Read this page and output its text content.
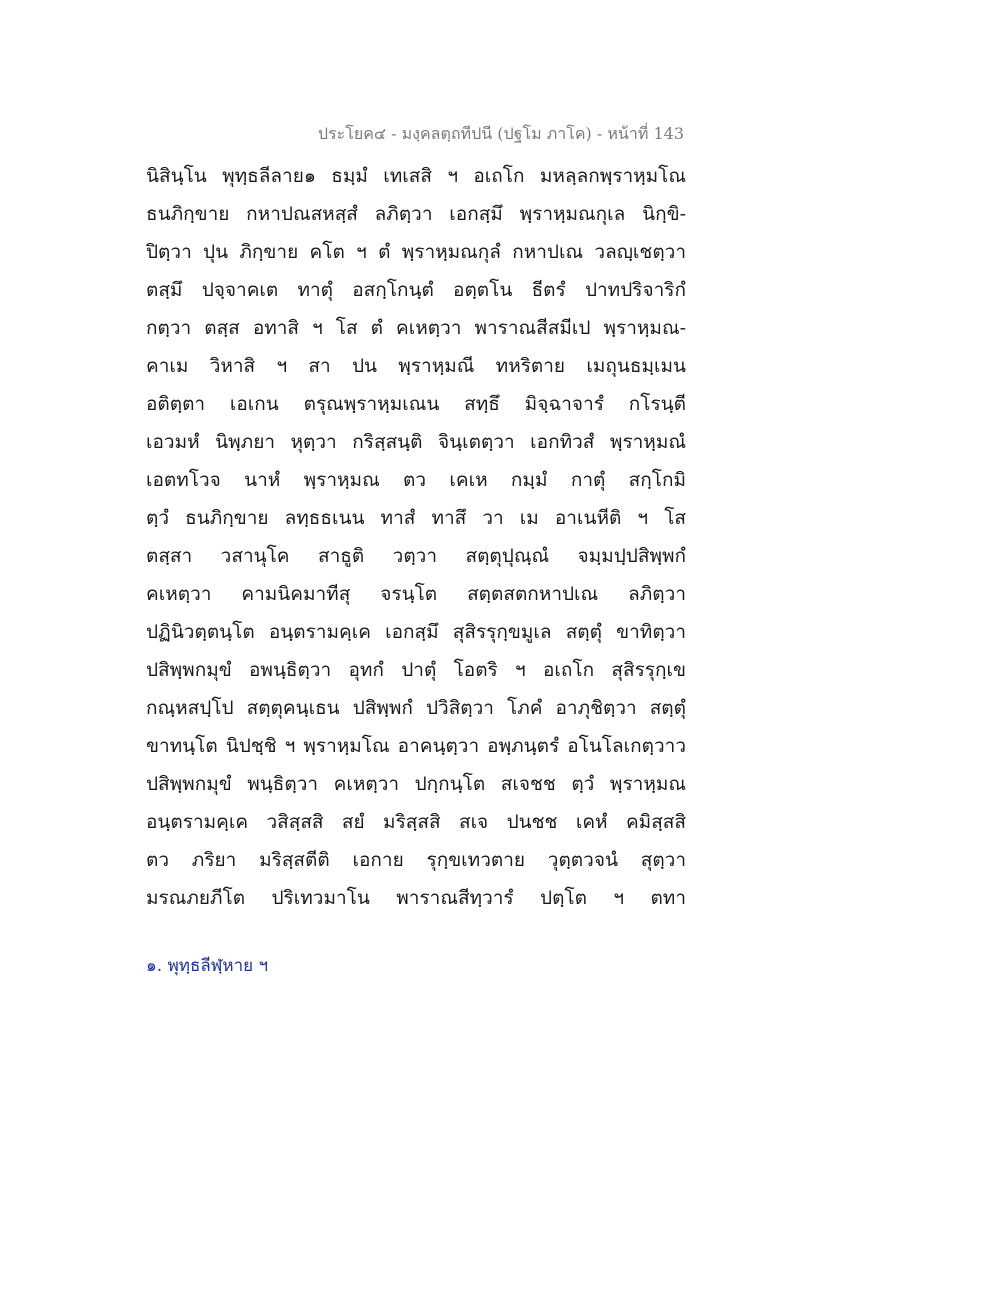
ประโยค๔ - มงฺคลตฺถทีปนี (ปฐโม ภาโค) - หน้าที่ 143
นิสินฺโน พุทฺธลีลาย๑ ธมฺมํ เทเสสิ ฯ อเถโก มหลฺลกพฺราหฺมโณ
ธนภิกฺขาย กหาปณสหสฺสํ ลภิตฺวา เอกสฺมึ พฺราหฺมณกุเล นิกฺขิ-
ปิตฺวา ปุน ภิกฺขาย คโต ฯ ตํ พฺราหฺมณกุลํ กหาปเณ วลญฺเชตฺวา
ตสฺมึ ปจฺจาคเต ทาตุํ อสกฺโกนฺตํ อตฺตโน ธีตรํ ปาทปริจาริกํ
กตฺวา ตสฺส อทาสิ ฯ โส ตํ คเหตฺวา พาราณสีสมีเป พฺราหฺมณ-
คาเม วิหาสิ ฯ สา ปน พฺราหฺมณี ทหริตาย เมถุนธมฺเมน
อติตฺตา เอเกน ตรุณพฺราหฺมเณน สทฺธึ มิจฺฉาจารํ กโรนฺตี
เอวมหํ นิพฺภยา หุตฺวา กริสฺสนฺติ จินฺเตตฺวา เอกทิวสํ พฺราหฺมณํ
เอตทโวจ นาหํ พฺราหฺมณ ตว เคเห กมฺมํ กาตุํ สกฺโกมิ
ตฺวํ ธนภิกฺขาย ลทฺธธเนน ทาสํ ทาสึ วา เม อาเนหีติ ฯ โส
ตสฺสา วสานุโค สาธูติ วตฺวา สตฺตุปุณฺณํ จมฺมปฺปสิพฺพกํ
คเหตฺวา คามนิคมาทีสุ จรนฺโต สตฺตสตกหาปเณ ลภิตฺวา
ปฏินิวตฺตนฺโต อนฺตรามคฺเค เอกสฺมึ สุสิรรุกฺขมูเล สตฺตุํ ขาทิตฺวา
ปสิพฺพกมุขํ อพนฺธิตฺวา อุทกํ ปาตุํ โอตริ ฯ อเถโก สุสิรรุกฺเข
กณฺหสปฺโป สตฺตุคนฺเธน ปสิพฺพกํ ปวิสิตฺวา โภคํ อาภุชิตฺวา สตฺตุํ
ขาทนฺโต นิปชฺชิ ฯ พฺราหฺมโณ อาคนฺตฺวา อพฺภนฺตรํ อโนโลเกตฺวาว
ปสิพฺพกมุขํ พนฺธิตฺวา คเหตฺวา ปกฺกนฺโต สเจชช ตฺวํ พฺราหฺมณ
อนฺตรามคฺเค วสิสฺสสิ สยํ มริสฺสสิ สเจ ปนชช เคหํ คมิสฺสสิ
ตว ภริยา มริสฺสตีติ เอกาย รุกฺขเทวตาย วุตฺตวจนํ สุตฺวา
มรณภยภีโต ปริเทวมาโน พาราณสีทฺวารํ ปตฺโต ฯ ตทา
๑. พุทฺธลีฬฺหาย ฯ
